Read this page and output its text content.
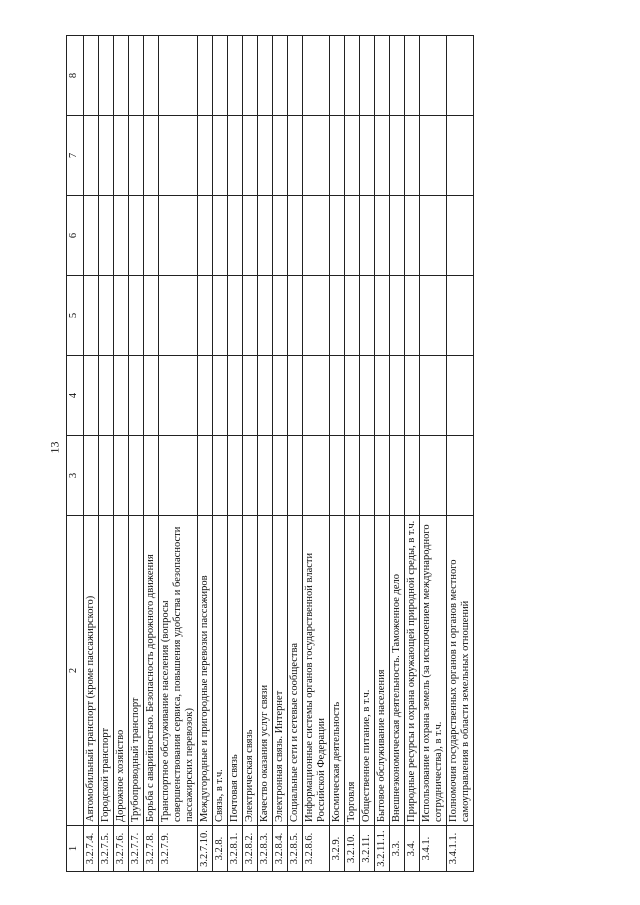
13
1	2	3	4	5	6	7	8
3.2.7.4.	Автомобильный транспорт (кроме пассажирского)						
3.2.7.5.	Городской транспорт						
3.2.7.6.	Дорожное хозяйство						
3.2.7.7.	Трубопроводный транспорт						
3.2.7.8.	Борьба с аварийностью. Безопасность дорожного движения						
3.2.7.9.	Транспортное обслуживание населения (вопросы совершенствования сервиса, повышения удобства и безопасности пассажирских перевозок)						
3.2.7.10.	Междугородные и пригородные перевозки пассажиров						
3.2.8.	Связь, в т.ч.						
3.2.8.1.	Почтовая связь						
3.2.8.2.	Электрическая связь						
3.2.8.3.	Качество оказания услуг связи						
3.2.8.4.	Электронная связь. Интернет						
3.2.8.5.	Социальные сети и сетевые сообщества						
3.2.8.6.	Информационные системы органов государственной власти Российской Федерации						
3.2.9.	Космическая деятельность						
3.2.10.	Торговля						
3.2.11.	Общественное питание, в т.ч.						
3.2.11.1.	Бытовое обслуживание населения						
3.3.	Внешнеэкономическая деятельность. Таможенное дело						
3.4.	Природные ресурсы и охрана окружающей природной среды, в т.ч.						
3.4.1.	Использование и охрана земель (за исключением международного сотрудничества), в т.ч.						
3.4.1.1.	Полномочия государственных органов и органов местного самоуправления в области земельных отношений						
